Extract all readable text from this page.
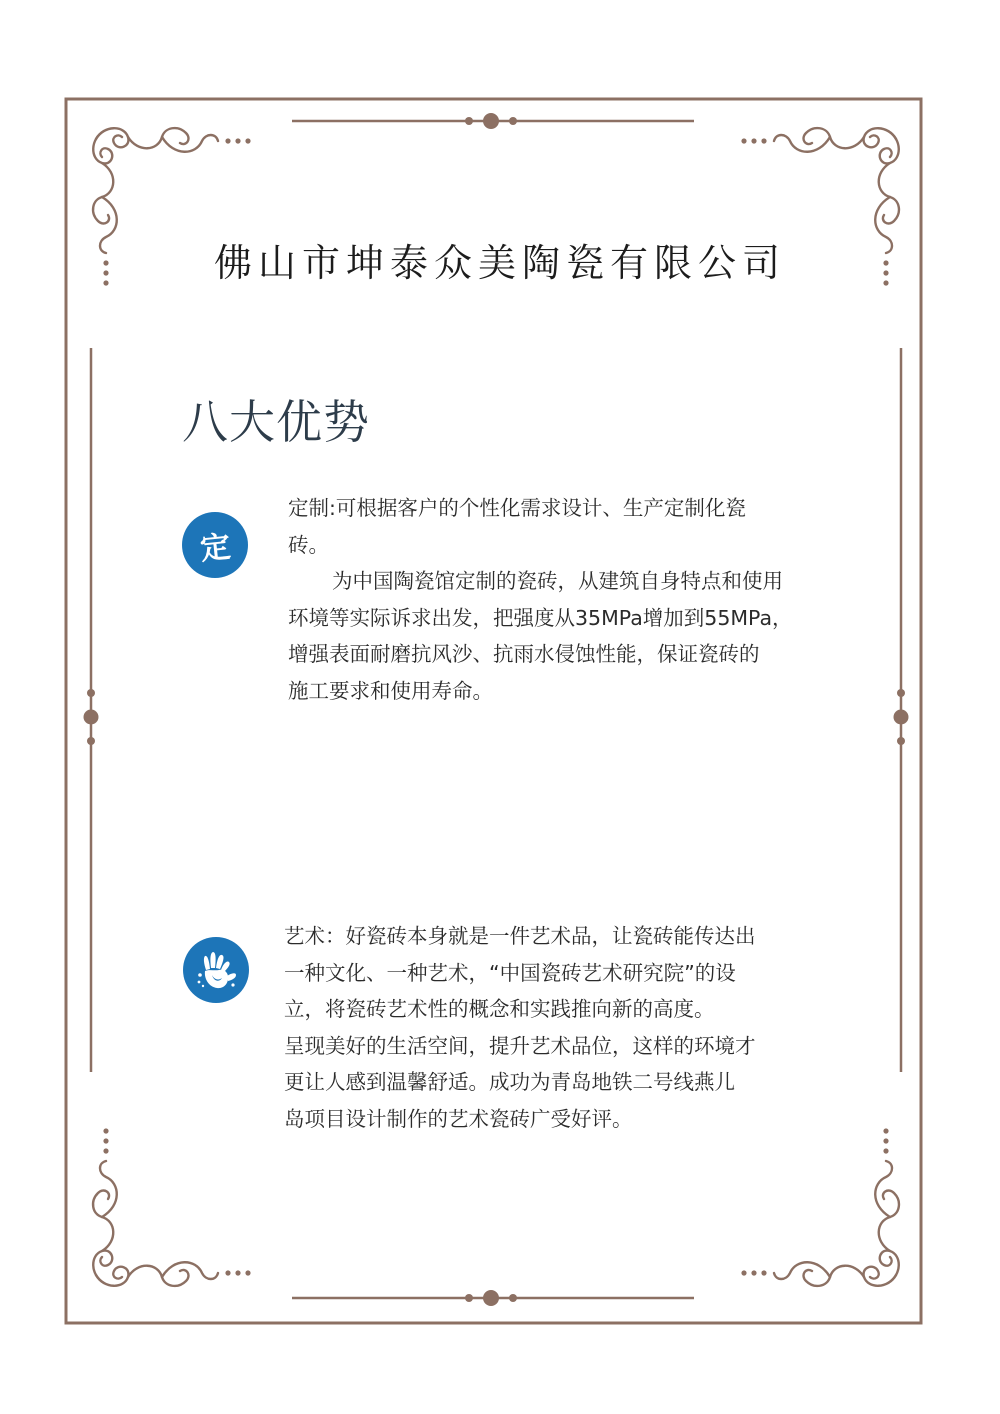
佛山市坤泰众美陶瓷有限公司
八大优势
定

定制:可根据客户的个性化需求设计、生产定制化瓷

砖。

为中国陶瓷馆定制的瓷砖，从建筑自身特点和使用

环境等实际诉求出发，把强度从35MPa增加到55MPa，

增强表面耐磨抗风沙、抗雨水侵蚀性能，保证瓷砖的

施工要求和使用寿命。

艺术：好瓷砖本身就是一件艺术品，让瓷砖能传达出

一种文化、一种艺术，“中国瓷砖艺术研究院”的设

立，将瓷砖艺术性的概念和实践推向新的高度。

呈现美好的生活空间，提升艺术品位，这样的环境才

更让人感到温馨舒适。成功为青岛地铁二号线燕儿

岛项目设计制作的艺术瓷砖广受好评。
